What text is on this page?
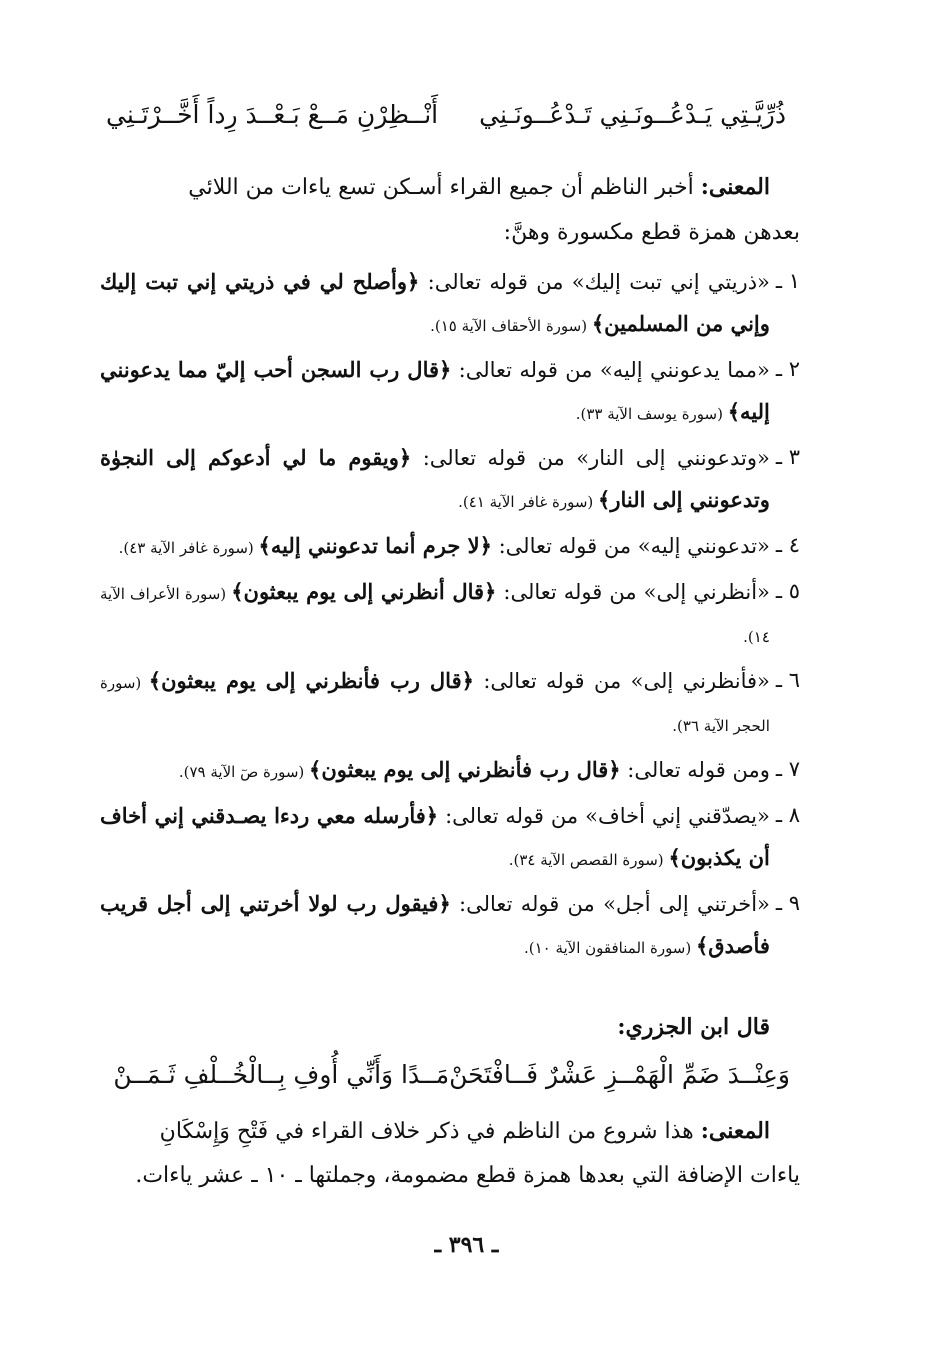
ذُرِّيَّـتِي يَـدْعُــونَـنِي تَـدْعُــونَـنِي
أَنْــظِرْنِ مَــعْ بَـعْــدَ رِداً أَخَّــرْتَـنِي
المعنى: أخبر الناظم أن جميع القراء أسـكن تسع ياءات من اللائي
بعدهن همزة قطع مكسورة وهنَّ:
١ ـ
«ذريتي إني تبت إليك» من قوله تعالى: ﴿وأصلح لي في ذريتي إني تبت إليك وإني من المسلمين﴾ (سورة الأحقاف الآية ١٥).
٢ ـ
«مما يدعونني إليه» من قوله تعالى: ﴿قال رب السجن أحب إليّ مما يدعونني إليه﴾ (سورة يوسف الآية ٣٣).
٣ ـ
«وتدعونني إلى النار» من قوله تعالى: ﴿ويقوم ما لي أدعوكم إلى النجوٰة وتدعونني إلى النار﴾ (سورة غافر الآية ٤١).
٤ ـ
«تدعونني إليه» من قوله تعالى: ﴿لا جرم أنما تدعونني إليه﴾ (سورة غافر الآية ٤٣).
٥ ـ
«أنظرني إلى» من قوله تعالى: ﴿قال أنظرني إلى يوم يبعثون﴾ (سورة الأعراف الآية ١٤).
٦ ـ
«فأنظرني إلى» من قوله تعالى: ﴿قال رب فأنظرني إلى يوم يبعثون﴾ (سورة الحجر الآية ٣٦).
٧ ـ
ومن قوله تعالى: ﴿قال رب فأنظرني إلى يوم يبعثون﴾ (سورة صٓ الآية ٧٩).
٨ ـ
«يصدّقني إني أخاف» من قوله تعالى: ﴿فأرسله معي ردءا يصـدقني إني أخاف أن يكذبون﴾ (سورة القصص الآية ٣٤).
٩ ـ
«أخرتني إلى أجل» من قوله تعالى: ﴿فيقول رب لولا أخرتني إلى أجل قريب فأصدق﴾ (سورة المنافقون الآية ١٠).
قال ابن الجزري:
وَعِنْــدَ ضَمِّ الْهَمْــزِ عَشْرٌ فَــافْتَحَنْ
مَــدًا وَأَنِّي أُوفِ بِــالْخُــلْفِ ثَـمَــنْ
المعنى: هذا شروع من الناظم في ذكر خلاف القراء في فَتْحِ وَإِسْكَانِ
ياءات الإضافة التي بعدها همزة قطع مضمومة، وجملتها ـ ١٠ ـ عشر ياءات.
ـ ٣٩٦ ـ
